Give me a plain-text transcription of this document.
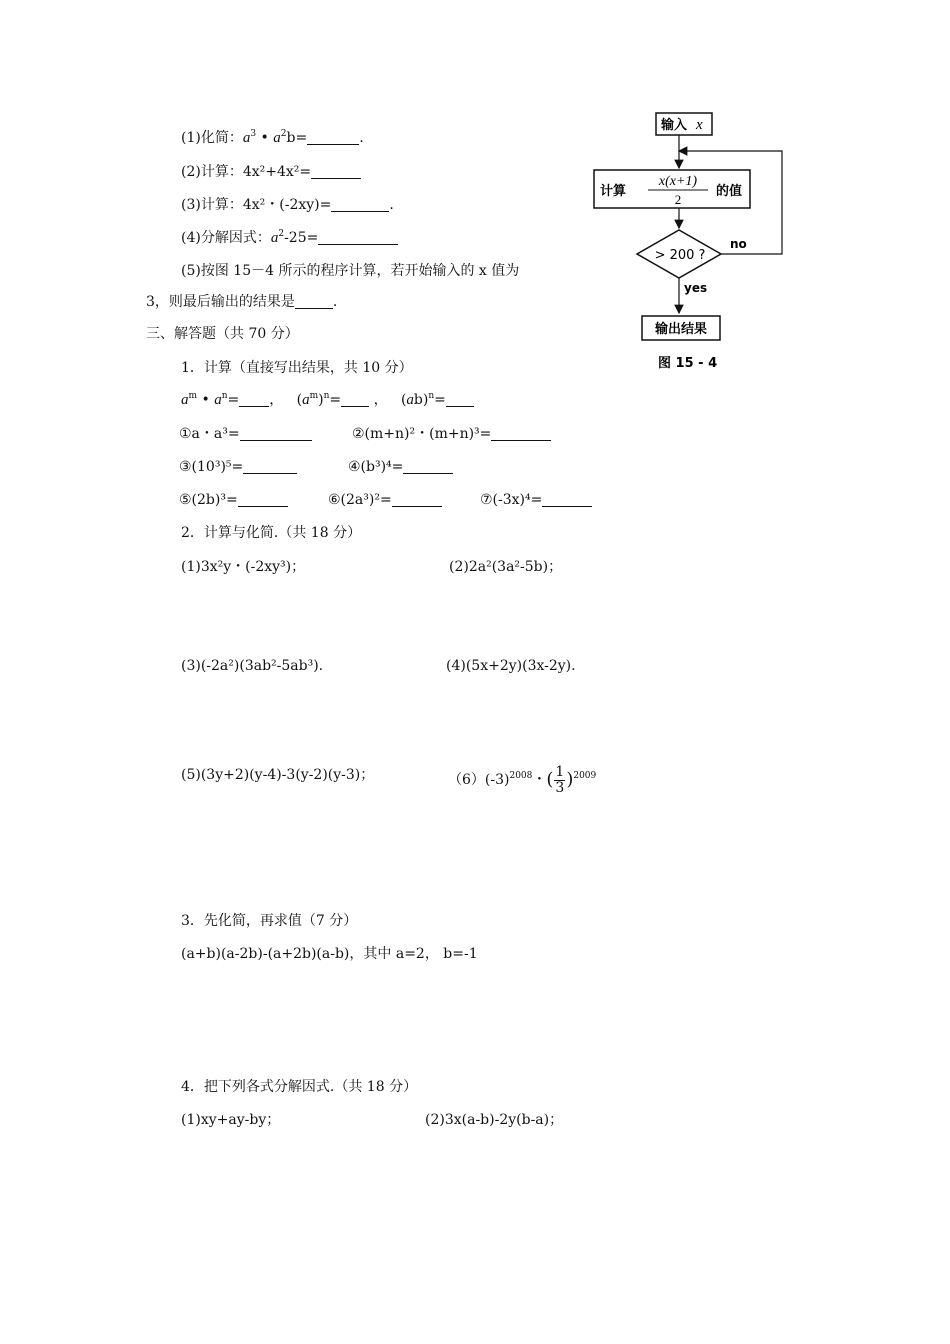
(1)化简：$a^3$ • $a^2b=$	.
(2)计算：4x²+4x²=
(3)计算：4x²・(-2xy)=	.
(4)分解因式：$a^2-25=$
(5)按图 15－4 所示的程序计算，若开始输入的 x 值为
3，则最后输出的结果是	.
三、解答题（共 70 分）
1．计算（直接写出结果，共 10 分）
$a^m$ • $a^n=$ ， $(a^m)^n=$ ， (ab)$^n$=
①a・a³=	②(m+n)²・(m+n)³=
③(10³)⁵=	④(b³)⁴=
⑤(2b)³=	⑥(2a³)²=	⑦(-3x)⁴=
2．计算与化简.（共 18 分）
(1)3x²y・(-2xy³)；	(2)2a²(3a²-5b)；
(3)(-2a²)(3ab²-5ab³).	(4)(5x+2y)(3x-2y).
(5)(3y+2)(y-4)-3(y-2)(y-3)；	$(6)(-3)^{2008}$・( $\frac{1}{3} )^{2009}$
3．先化简，再求值（7 分）
(a+b)(a-2b)-(a+2b)(a-b)，其中 a=2， b=-1
4．把下列各式分解因式.（共 18 分）
(1)xy+ay-by；	(2)3x(a-b)-2y(b-a)；
输入 x
计算
x(x+1)
2
的值
> 200 ?
no
yes
输出结果
图 15 - 4
